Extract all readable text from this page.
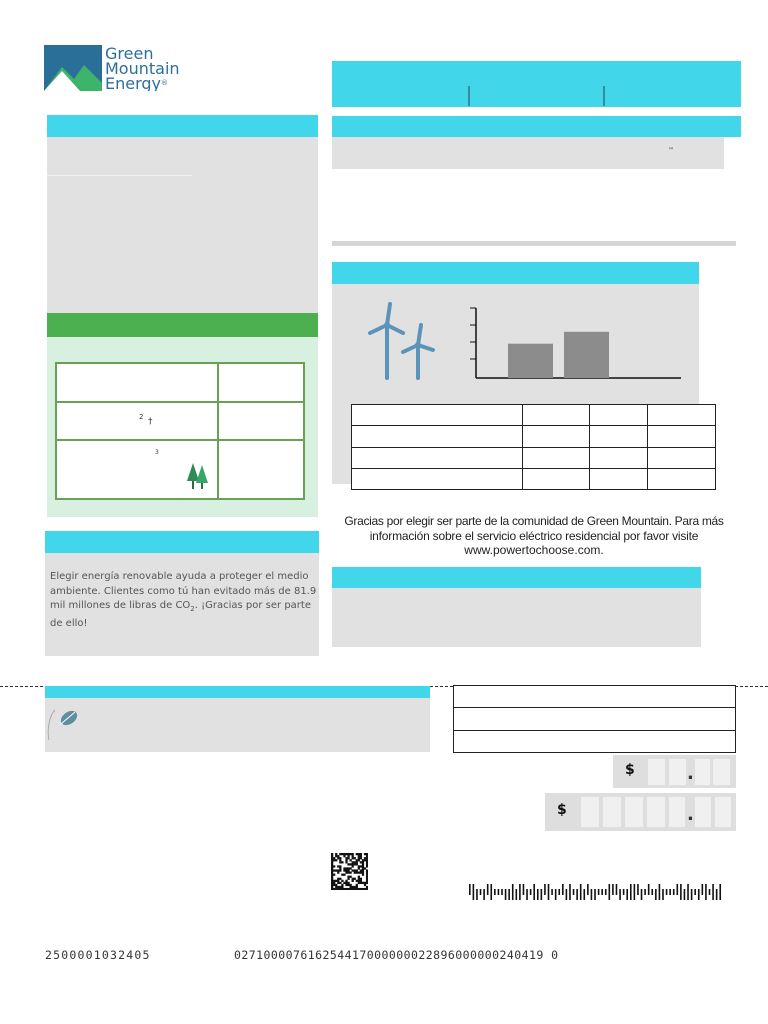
Green
Mountain
Energy®

2 †	

3	

Elegir energía renovable ayuda a proteger el medio
ambiente. Clientes como tú han evitado más de 81.9
mil millones de libras de $CO_2$. ¡Gracias por ser parte
de ello!
™

Gracias por elegir ser parte de la comunidad de Green Mountain. Para más
información sobre el servicio eléctrico residencial por favor visite
www.powertochoose.com.

$	.
$	.
2500001032405	027100007616254417000000022896000000240419 0
